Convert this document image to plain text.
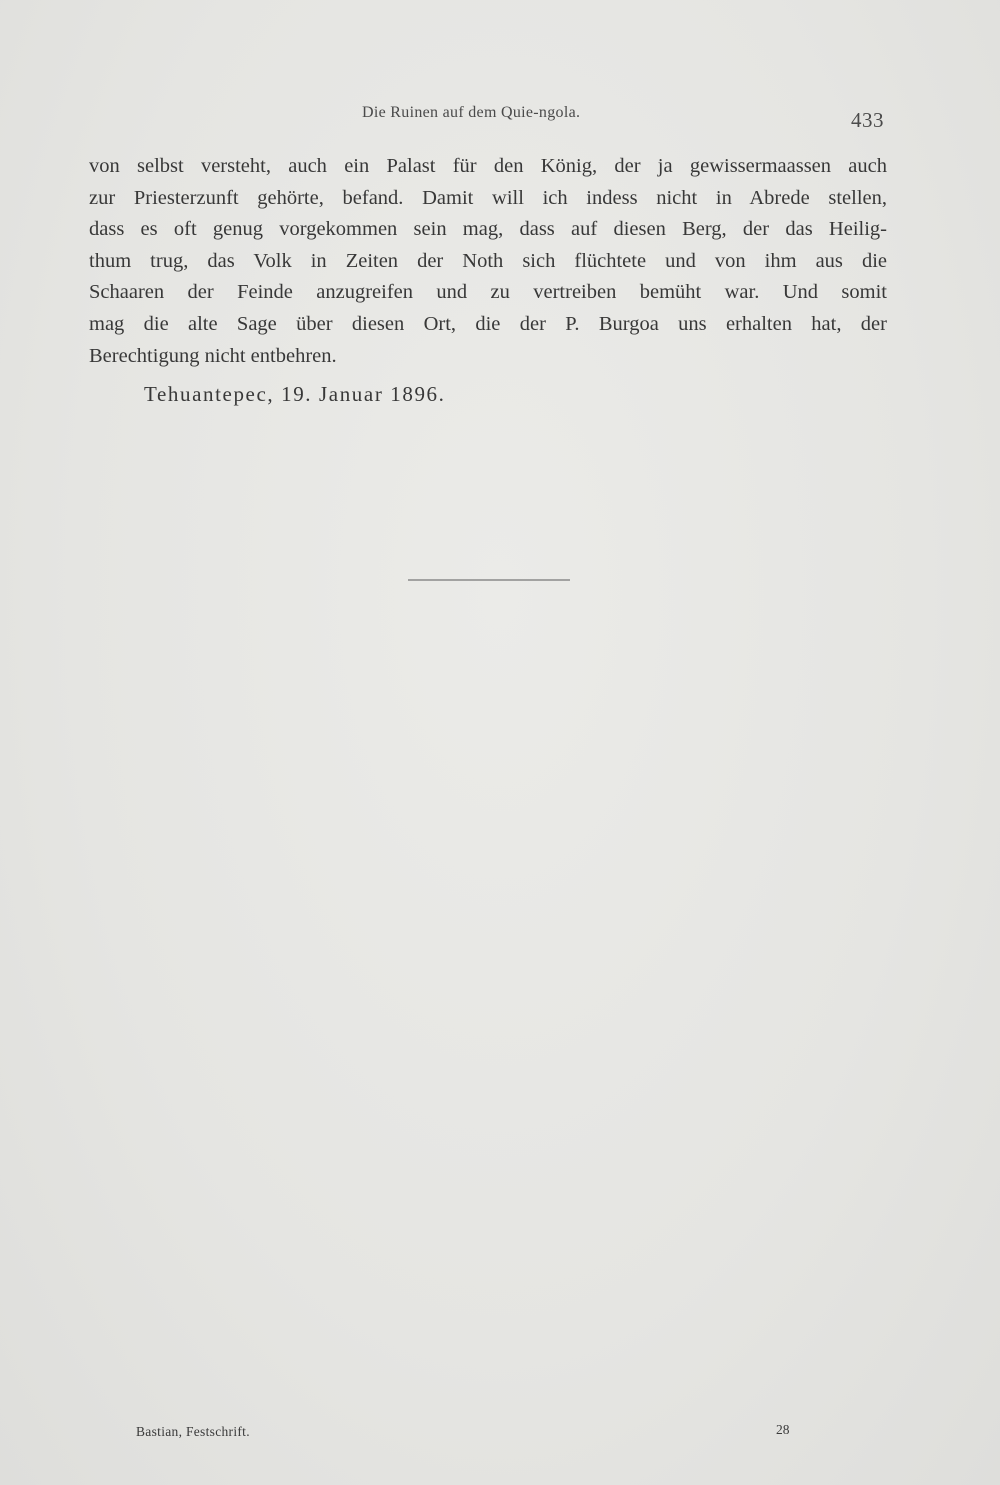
Die Ruinen auf dem Quie-ngola.	433
von selbst versteht, auch ein Palast für den König, der ja gewissermaassen auch
zur Priesterzunft gehörte, befand. Damit will ich indess nicht in Abrede stellen,
dass es oft genug vorgekommen sein mag, dass auf diesen Berg, der das Heilig-
thum trug, das Volk in Zeiten der Noth sich flüchtete und von ihm aus die
Schaaren der Feinde anzugreifen und zu vertreiben bemüht war. Und somit
mag die alte Sage über diesen Ort, die der P. Burgoa uns erhalten hat, der
Berechtigung nicht entbehren.
Tehuantepec, 19. Januar 1896.
Bastian, Festschrift.	28
